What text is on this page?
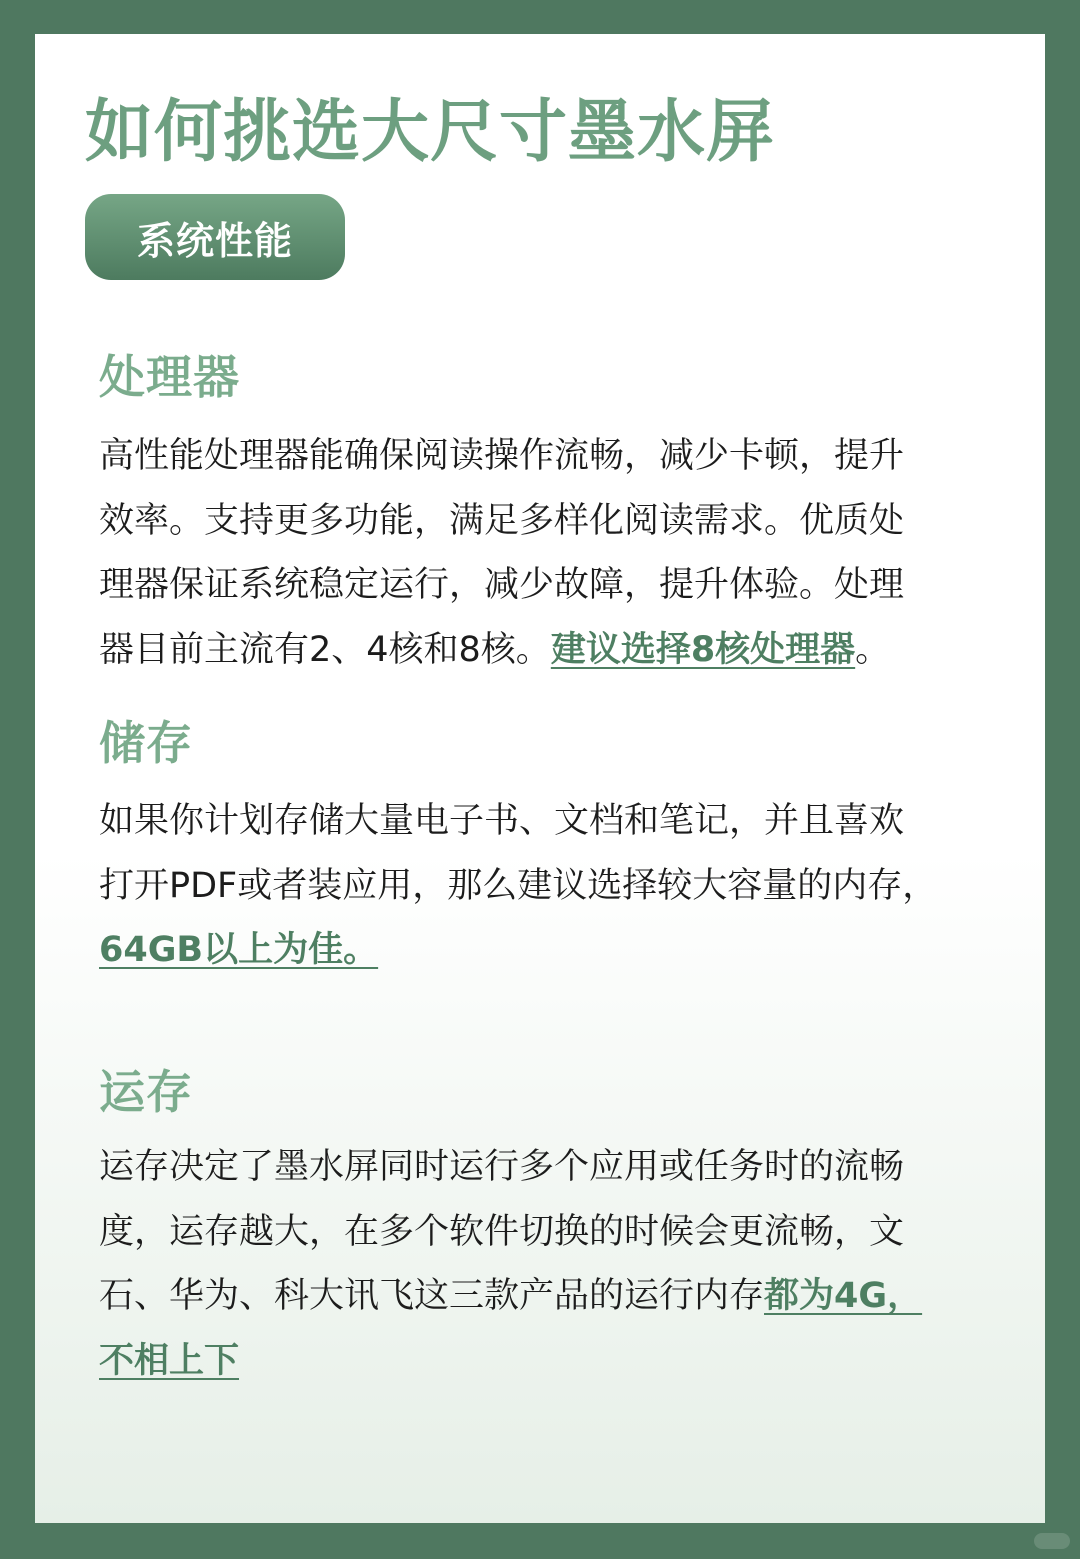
如何挑选大尺寸墨水屏
系统性能
处理器
高性能处理器能确保阅读操作流畅，减少卡顿，提升
效率。支持更多功能，满足多样化阅读需求。优质处
理器保证系统稳定运行，减少故障，提升体验。处理
器目前主流有2、4核和8核。建议选择8核处理器。
储存
如果你计划存储大量电子书、文档和笔记，并且喜欢
打开PDF或者装应用，那么建议选择较大容量的内存，
64GB以上为佳。
运存
运存决定了墨水屏同时运行多个应用或任务时的流畅
度，运存越大，在多个软件切换的时候会更流畅，文
石、华为、科大讯飞这三款产品的运行内存都为4G，
不相上下
